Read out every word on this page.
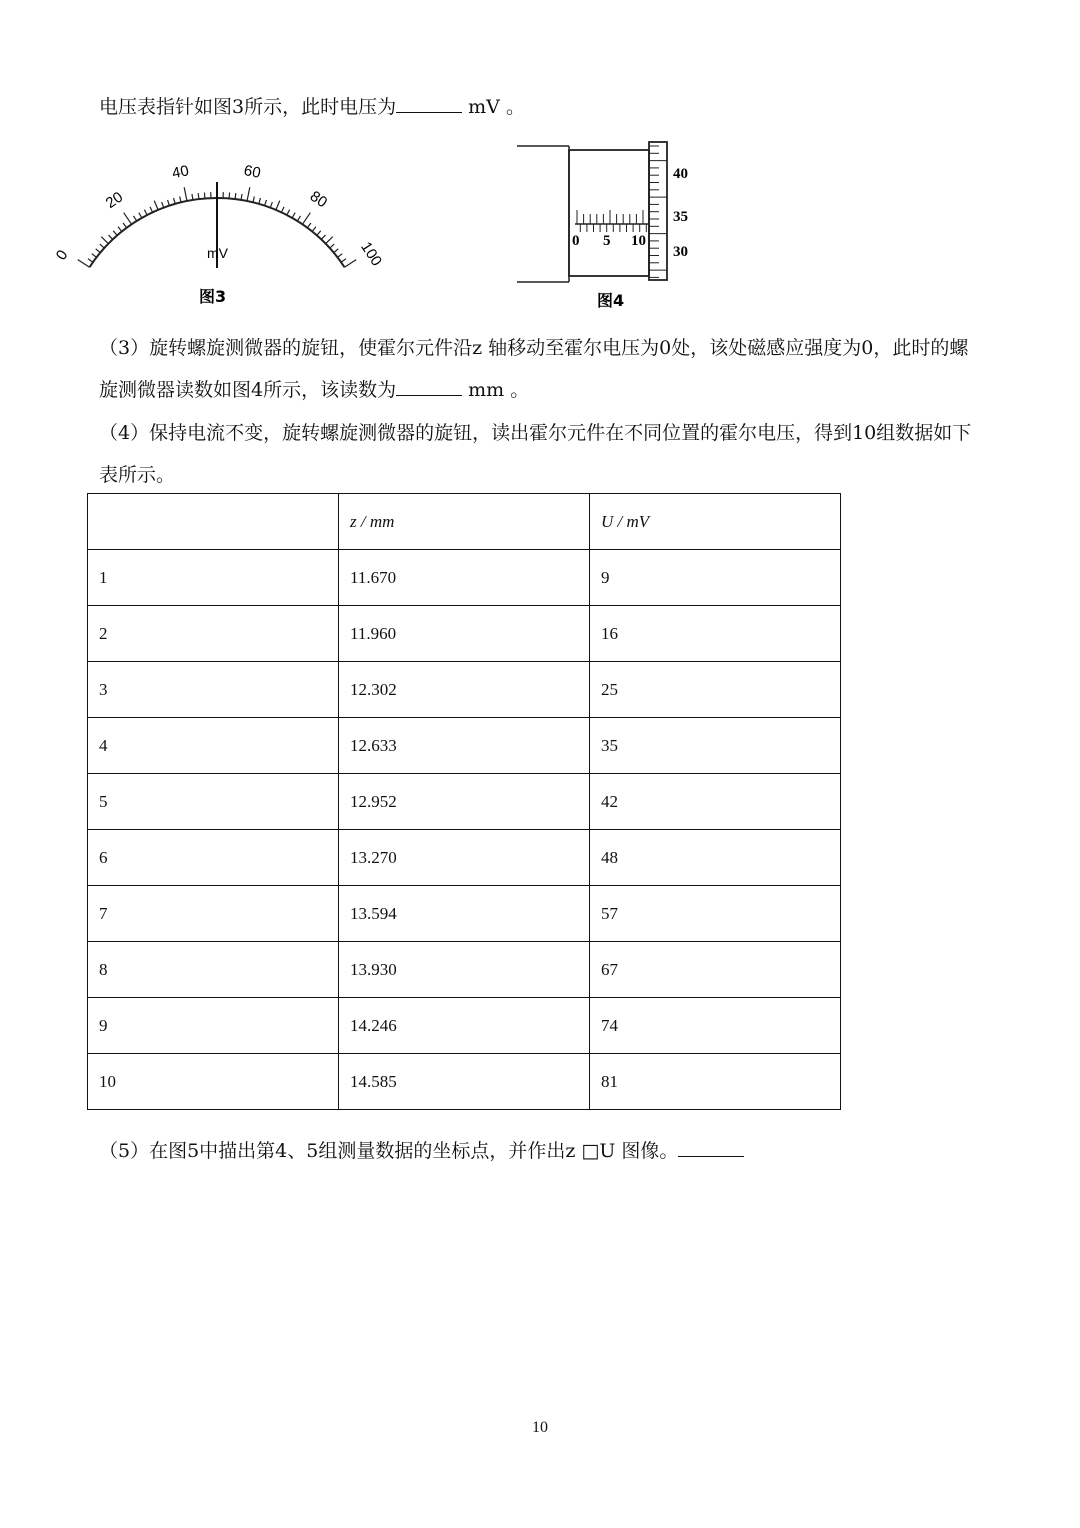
电压表指针如图3所示，此时电压为	mV 。
0
20
40	60
80
100
mV
图3
0 5 10
40
35
30
图4
（3）旋转螺旋测微器的旋钮，使霍尔元件沿z 轴移动至霍尔电压为0处，该处磁感应强度为0，此时的螺
旋测微器读数如图4所示，该读数为	mm 。
（4）保持电流不变，旋转螺旋测微器的旋钮，读出霍尔元件在不同位置的霍尔电压，得到10组数据如下
表所示。
	z / mm	U / mV
1	11.670	9
2	11.960	16
3	12.302	25
4	12.633	35
5	12.952	42
6	13.270	48
7	13.594	57
8	13.930	67
9	14.246	74
10	14.585	81
（5）在图5中描出第4、5组测量数据的坐标点，并作出z □U 图像。
10
